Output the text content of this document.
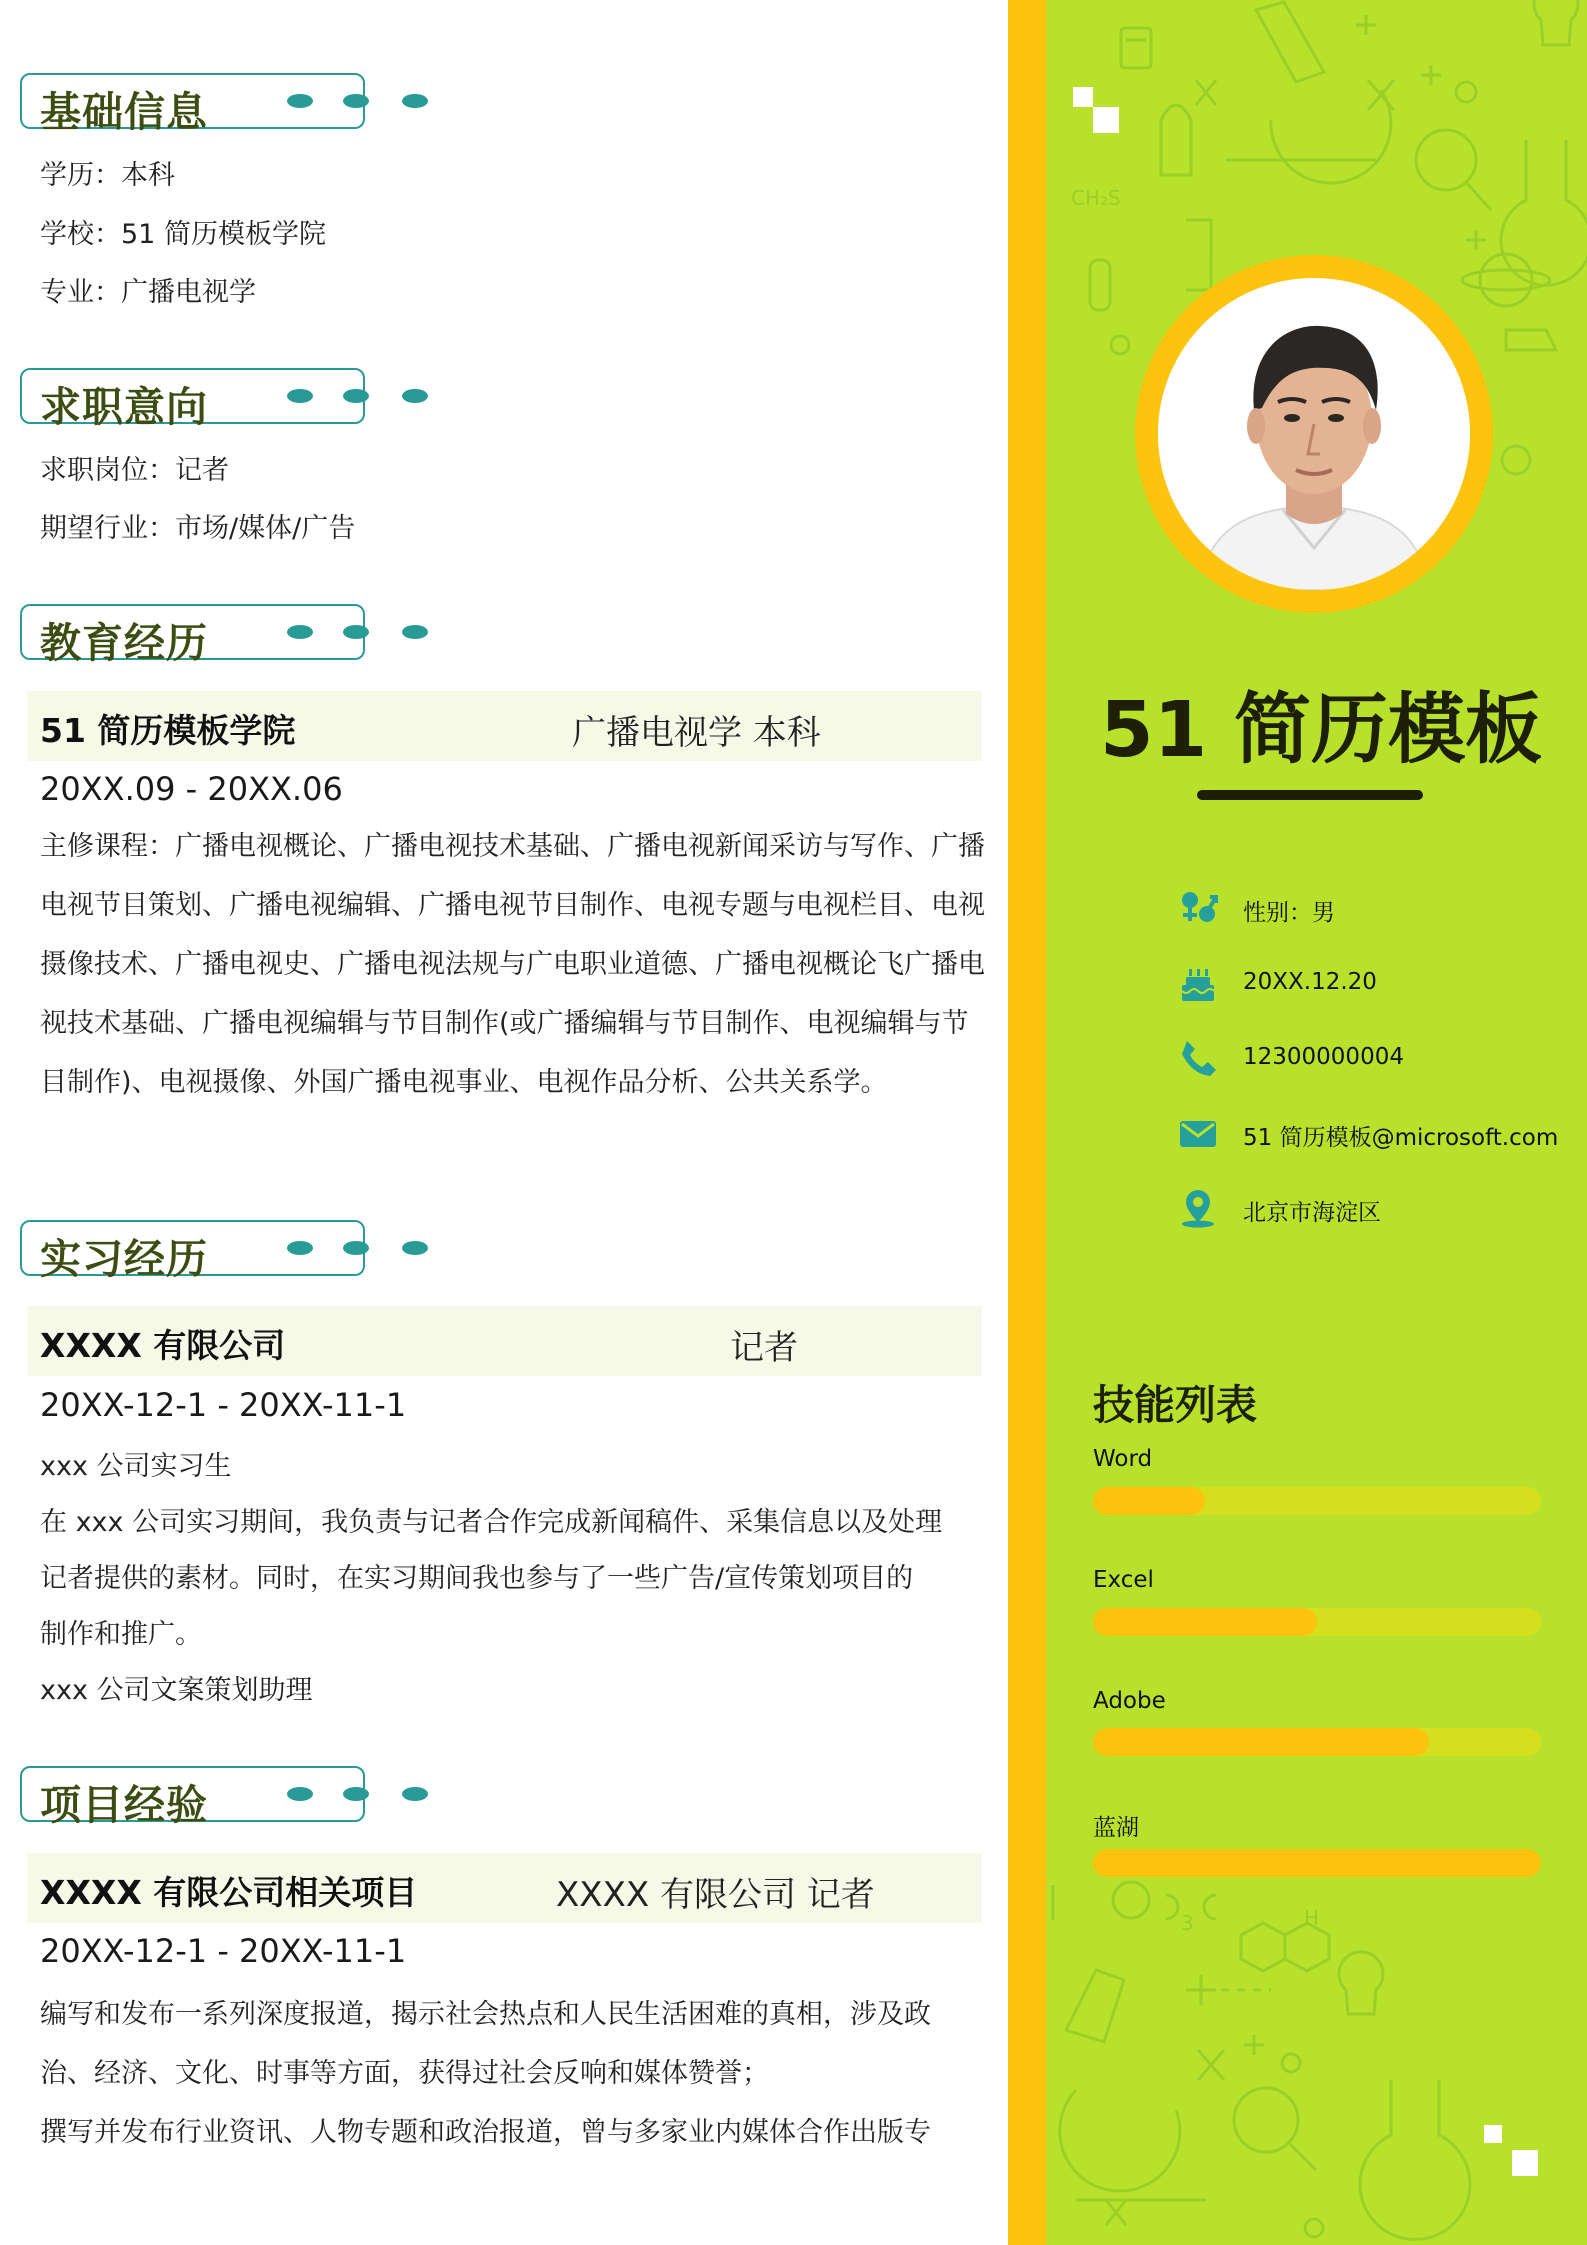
基础信息
学历：本科
学校：51 简历模板学院
专业：广播电视学
求职意向
求职岗位：记者
期望行业：市场/媒体/广告
教育经历
51 简历模板学院	广播电视学 本科
20XX.09 - 20XX.06
主修课程：广播电视概论、广播电视技术基础、广播电视新闻采访与写作、广播电视节目策划、广播电视编辑、广播电视节目制作、电视专题与电视栏目、电视摄像技术、广播电视史、广播电视法规与广电职业道德、广播电视概论飞广播电视技术基础、广播电视编辑与节目制作(或广播编辑与节目制作、电视编辑与节目制作)、电视摄像、外国广播电视事业、电视作品分析、公共关系学。
实习经历
XXXX 有限公司	记者
20XX-12-1 - 20XX-11-1
xxx 公司实习生
在 xxx 公司实习期间，我负责与记者合作完成新闻稿件、采集信息以及处理
记者提供的素材。同时，在实习期间我也参与了一些广告/宣传策划项目的
制作和推广。
xxx 公司文案策划助理
项目经验
XXXX 有限公司相关项目	XXXX 有限公司 记者
20XX-12-1 - 20XX-11-1
编写和发布一系列深度报道，揭示社会热点和人民生活困难的真相，涉及政
治、经济、文化、时事等方面，获得过社会反响和媒体赞誉；
撰写并发布行业资讯、人物专题和政治报道，曾与多家业内媒体合作出版专
CH₂S
3	H
51 简历模板
性别：男
20XX.12.20
12300000004
51 简历模板@microsoft.com
北京市海淀区
技能列表
Word
Excel
Adobe
蓝湖
